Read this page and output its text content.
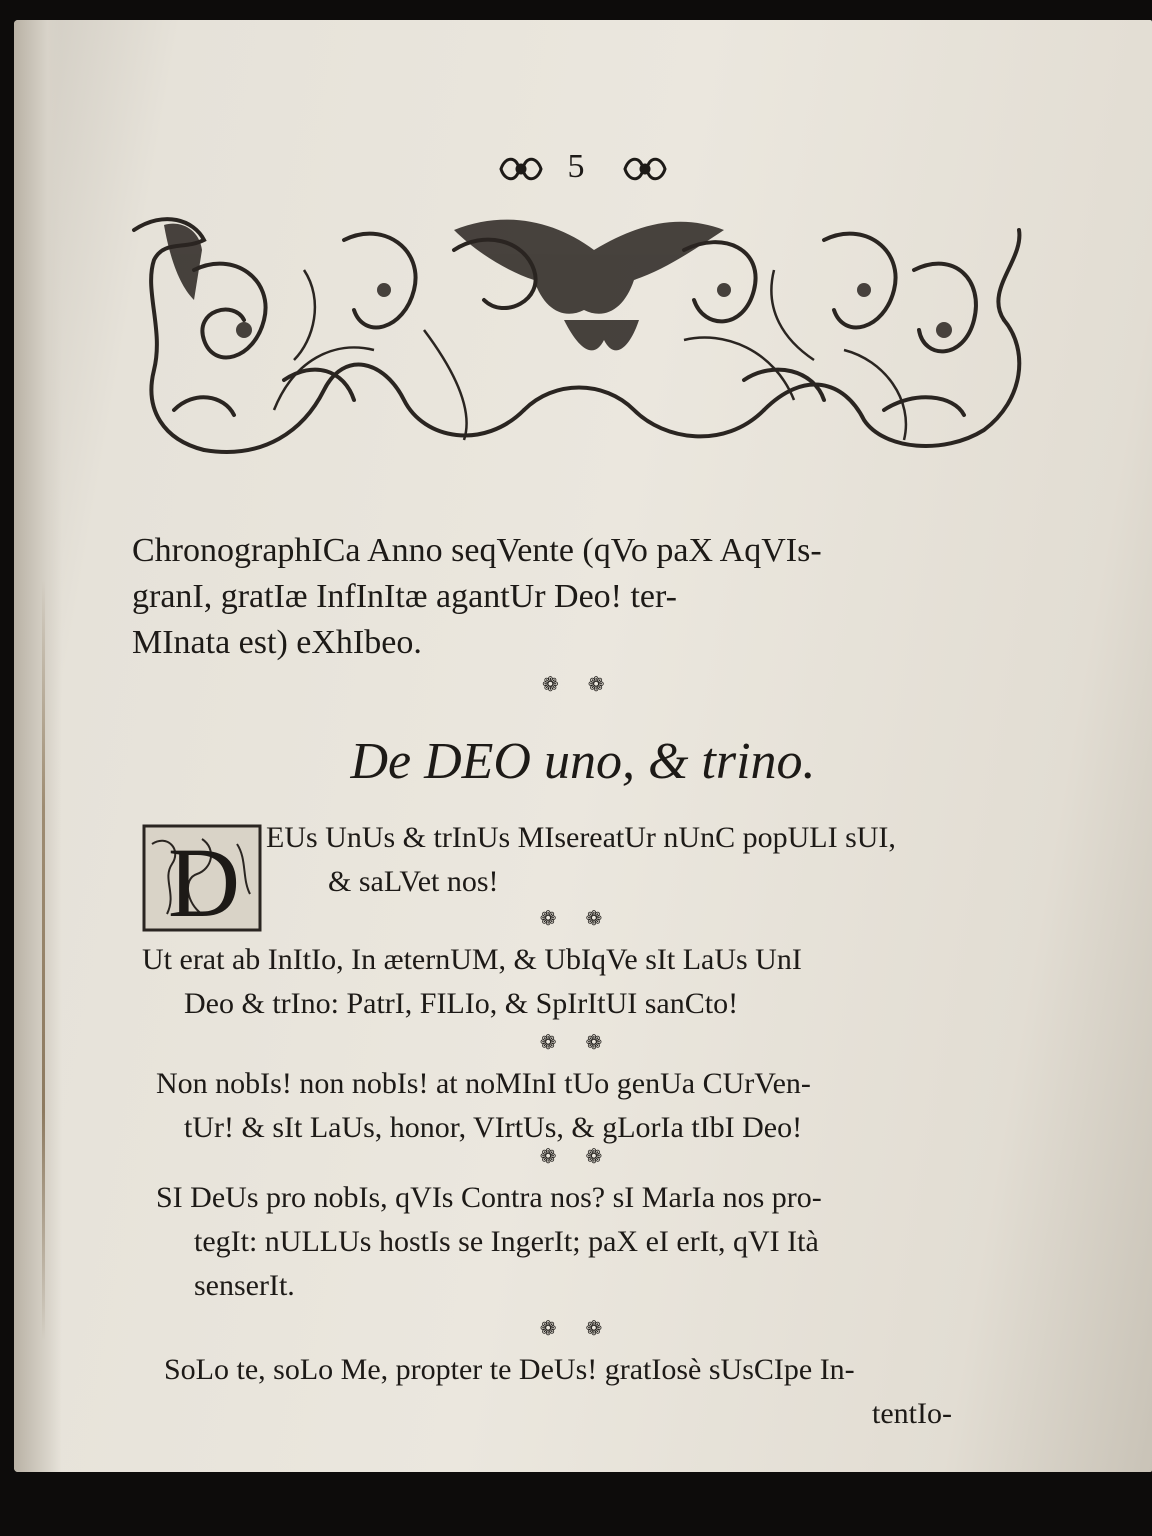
5
ChronographICa Anno seqVente (qVo paX AqVIs-
granI, gratIæ InfInItæ agantUr Deo! ter-
MInata est) eXhIbeo.
❁ ❁
De DEO uno, & trino.
D EUs UnUs & trInUs MIsereatUr nUnC popULI sUI,
& saLVet nos!

❁ ❁

Ut erat ab InItIo, In æternUM, & UbIqVe sIt LaUs UnI
Deo & trIno: PatrI, FILIo, & SpIrItUI sanCto!

❁ ❁

Non nobIs! non nobIs! at noMInI tUo genUa CUrVen-
tUr! & sIt LaUs, honor, VIrtUs, & gLorIa tIbI Deo!

❁ ❁

SI DeUs pro nobIs, qVIs Contra nos? sI MarIa nos pro-
tegIt: nULLUs hostIs se IngerIt; paX eI erIt, qVI Ità
senserIt.

❁ ❁

SoLo te, soLo Me, propter te DeUs! gratIosè sUsCIpe In-
tentIo-
